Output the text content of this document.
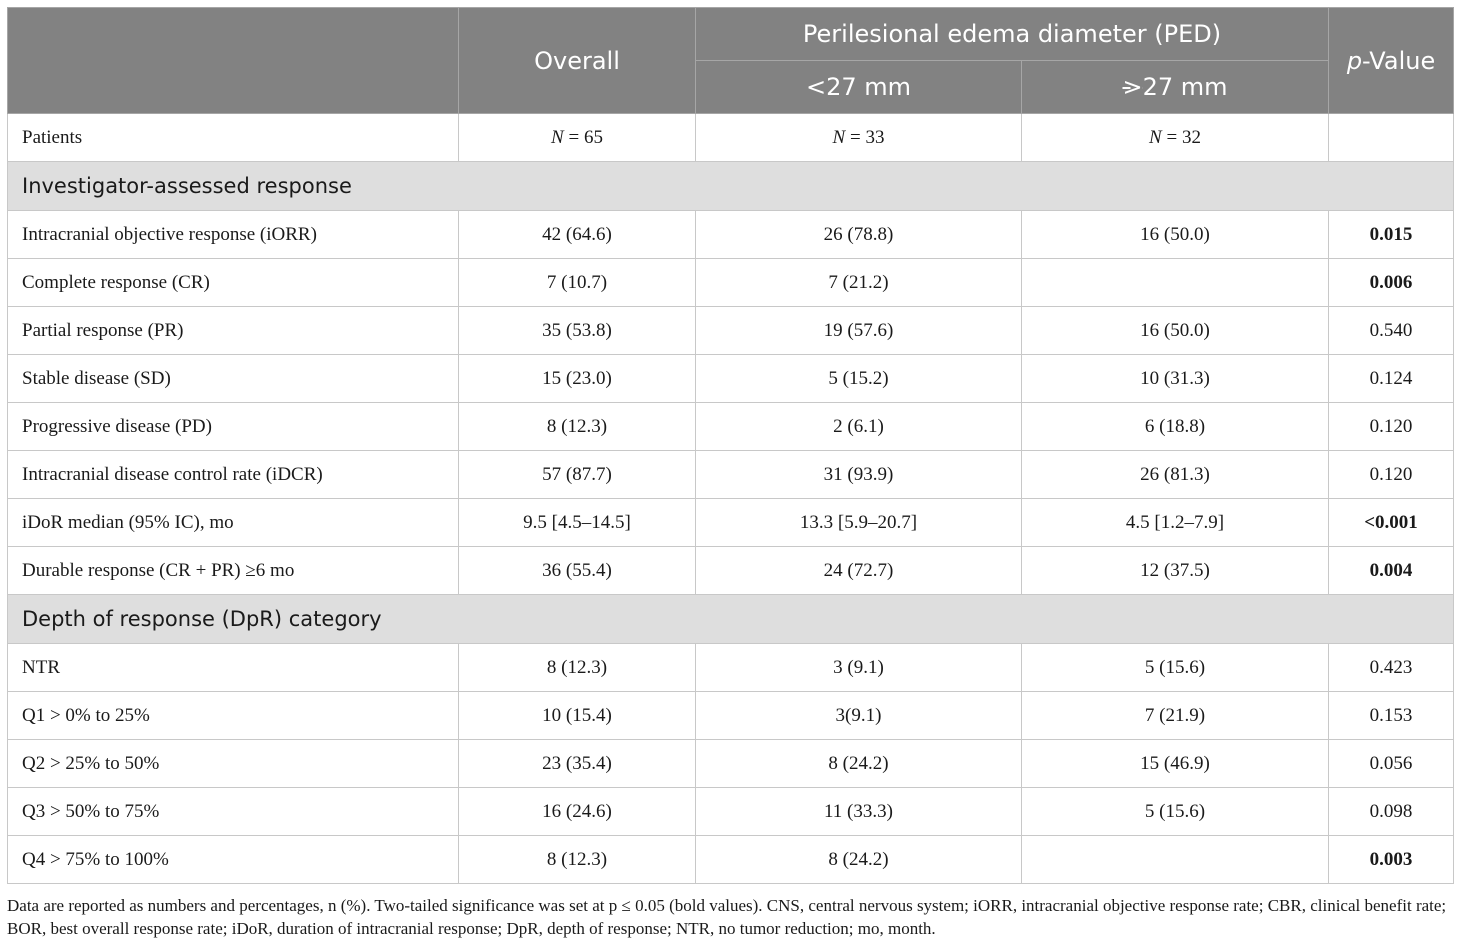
	Overall	Perilesional edema diameter (PED)		p-Value
		<27 mm	>27 mm	
Patients	N = 65	N = 33	N = 32	
Investigator-assessed response				
Intracranial objective response (iORR)	42 (64.6)	26 (78.8)	16 (50.0)	0.015
Complete response (CR)	7 (10.7)	7 (21.2)		0.006
Partial response (PR)	35 (53.8)	19 (57.6)	16 (50.0)	0.540
Stable disease (SD)	15 (23.0)	5 (15.2)	10 (31.3)	0.124
Progressive disease (PD)	8 (12.3)	2 (6.1)	6 (18.8)	0.120
Intracranial disease control rate (iDCR)	57 (87.7)	31 (93.9)	26 (81.3)	0.120
iDoR median (95% IC), mo	9.5 [4.5–14.5]	13.3 [5.9–20.7]	4.5 [1.2–7.9]	<0.001
Durable response (CR + PR) ≥6 mo	36 (55.4)	24 (72.7)	12 (37.5)	0.004
Depth of response (DpR) category				
NTR	8 (12.3)	3 (9.1)	5 (15.6)	0.423
Q1 > 0% to 25%	10 (15.4)	3(9.1)	7 (21.9)	0.153
Q2 > 25% to 50%	23 (35.4)	8 (24.2)	15 (46.9)	0.056
Q3 > 50% to 75%	16 (24.6)	11 (33.3)	5 (15.6)	0.098
Q4 > 75% to 100%	8 (12.3)	8 (24.2)		0.003
Data are reported as numbers and percentages, n (%). Two-tailed significance was set at p ≤ 0.05 (bold values). CNS, central nervous system; iORR, intracranial objective response rate; CBR, clinical benefit rate; BOR, best overall response rate; iDoR, duration of intracranial response; DpR, depth of response; NTR, no tumor reduction; mo, month.
